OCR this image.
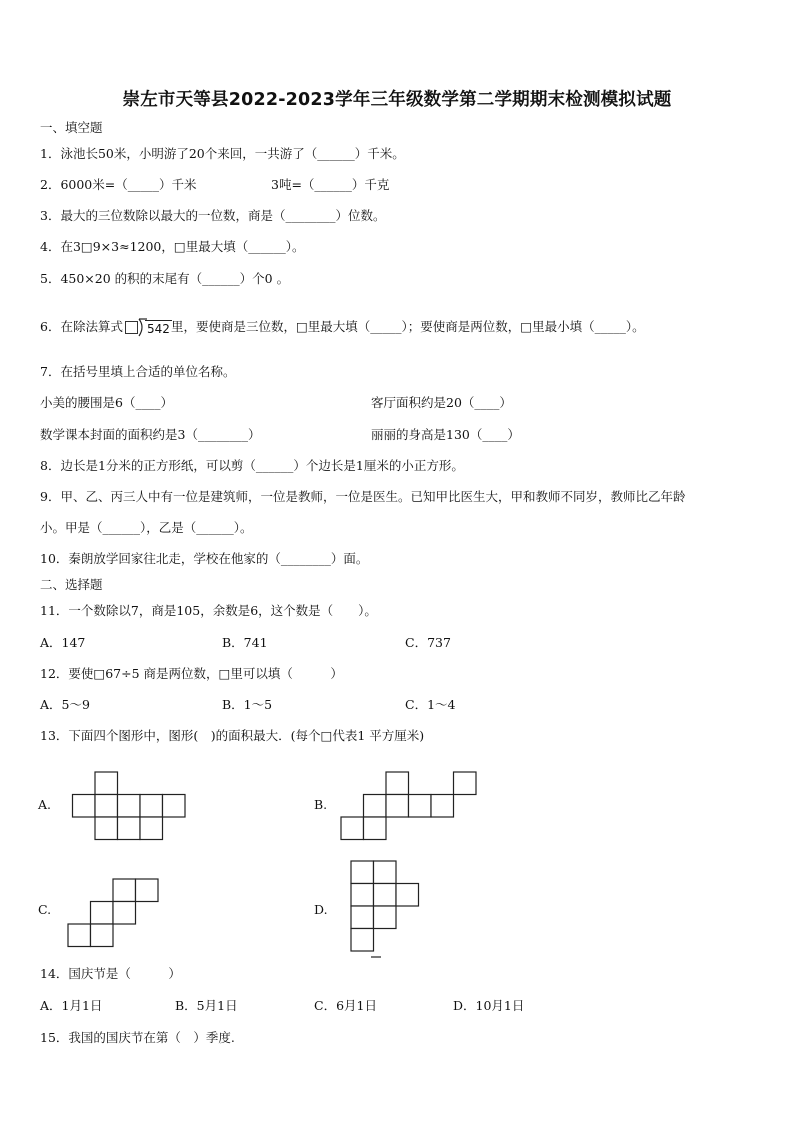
崇左市天等县2022-2023学年三年级数学第二学期期末检测模拟试题
一、填空题
1．泳池长50米，小明游了20个来回，一共游了（______）千米。
2．6000米=（_____）千米	3吨=（______）千克
3．最大的三位数除以最大的一位数，商是（________）位数。
4．在3□9×3≈1200，□里最大填（______）。
5．450×20 的积的末尾有（______）个0 。
6．在除法算式 542 里，要使商是三位数，□里最大填（_____）；要使商是两位数，□里最小填（_____）。
7．在括号里填上合适的单位名称。
小美的腰围是6（____）	客厅面积约是20（____）
数学课本封面的面积约是3（________）	丽丽的身高是130（____）
8．边长是1分米的正方形纸，可以剪（______）个边长是1厘米的小正方形。
9．甲、乙、丙三人中有一位是建筑师，一位是教师，一位是医生。已知甲比医生大，甲和教师不同岁，教师比乙年龄
小。甲是（______），乙是（______）。
10．秦朗放学回家往北走，学校在他家的（________）面。
二、选择题
11．一个数除以7，商是105，余数是6，这个数是（　　）。
A．147	B．741	C．737
12．要使□67÷5 商是两位数，□里可以填（　　　）
A．5～9	B．1～5	C．1～4
13．下面四个图形中，图形(　)的面积最大．(每个□代表1 平方厘米)
A.	B.
C.	D.
14．国庆节是（　　　）
A．1月1日	B．5月1日	C．6月1日	D．10月1日
15．我国的国庆节在第（　）季度.
